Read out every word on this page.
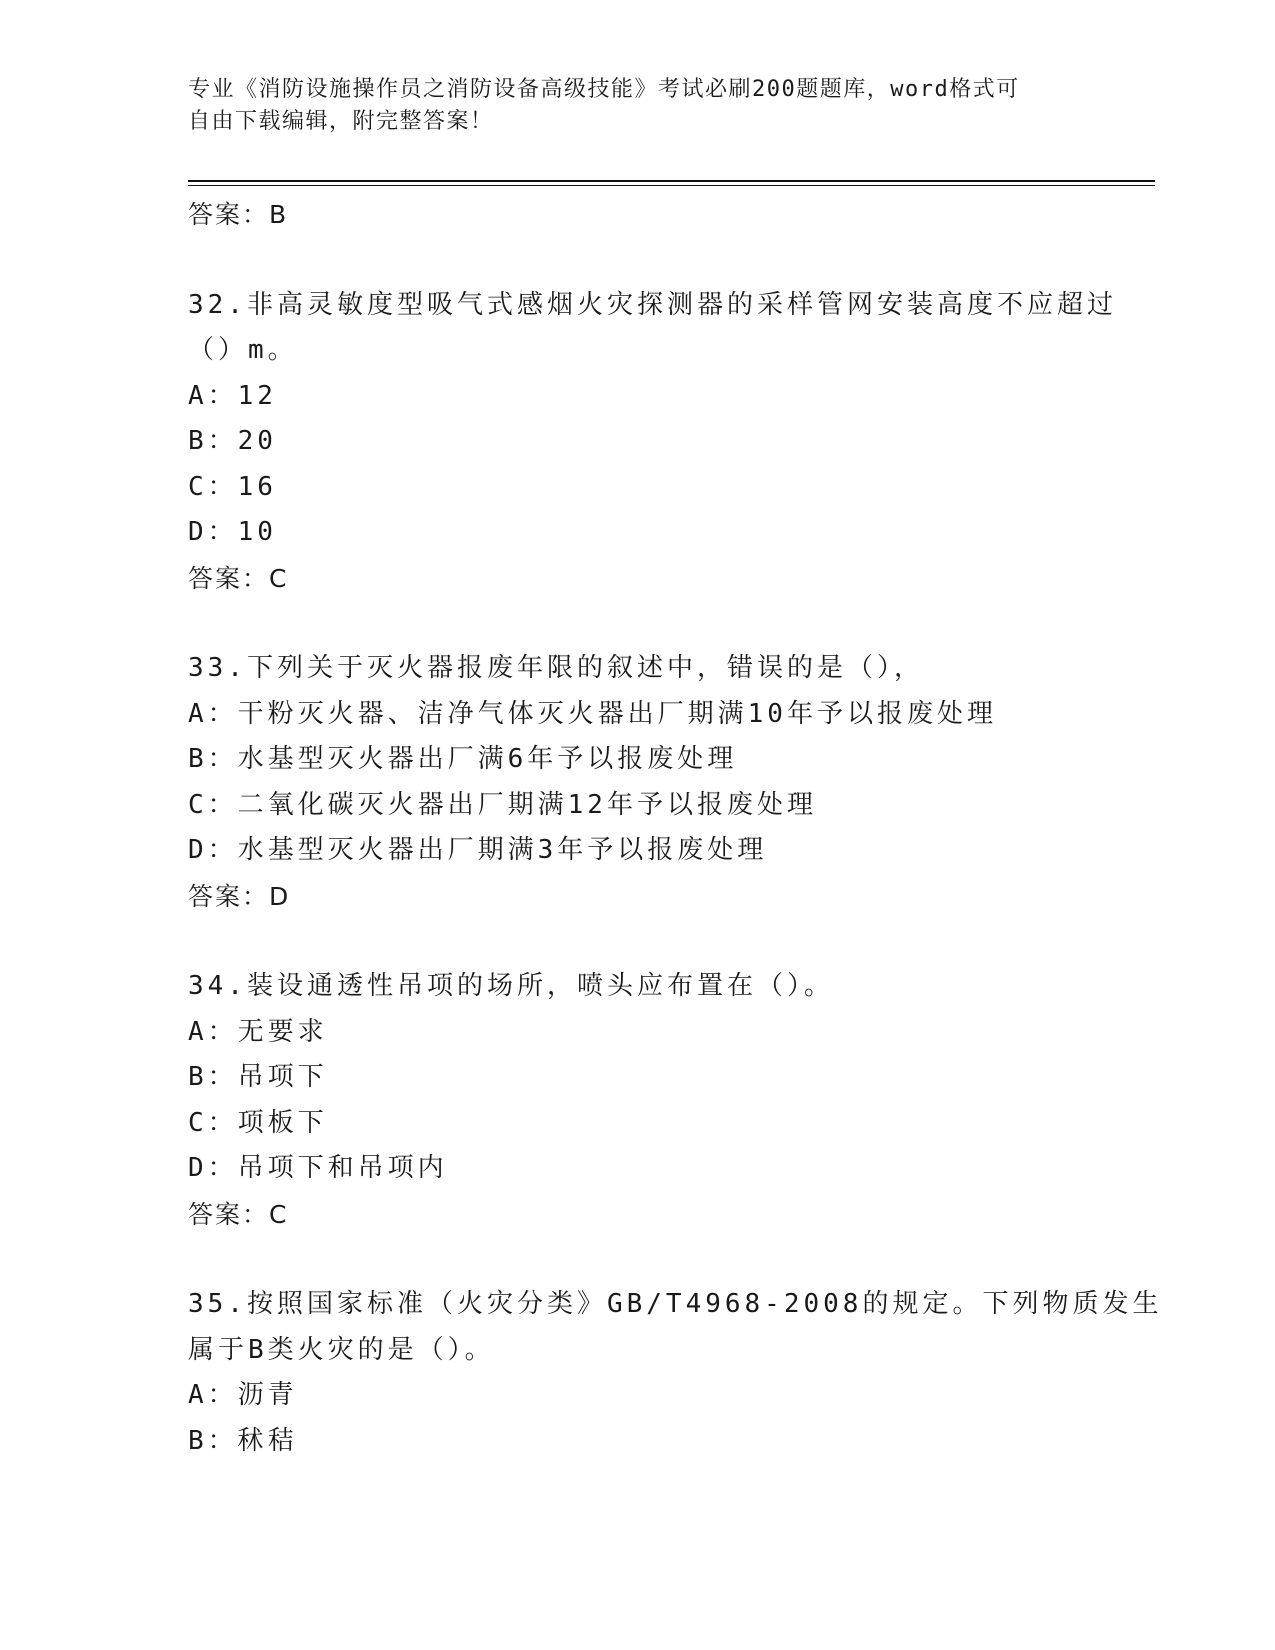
专业《消防设施操作员之消防设备高级技能》考试必刷200题题库，word格式可
自由下载编辑，附完整答案！

答案：B

32.非高灵敏度型吸气式感烟火灾探测器的采样管网安装高度不应超过

（）m。

A：12

B：20

C：16

D：10

答案：C

33.下列关于灭火器报废年限的叙述中，错误的是（），

A：干粉灭火器、洁净气体灭火器出厂期满10年予以报废处理

B：水基型灭火器出厂满6年予以报废处理

C：二氧化碳灭火器出厂期满12年予以报废处理

D：水基型灭火器出厂期满3年予以报废处理

答案：D

34.装设通透性吊项的场所，喷头应布置在（）。

A：无要求

B：吊项下

C：项板下

D：吊项下和吊项内

答案：C

35.按照国家标准（火灾分类》GB/T4968-2008的规定。下列物质发生

属于B类火灾的是（）。

A：沥青

B：秫秸
